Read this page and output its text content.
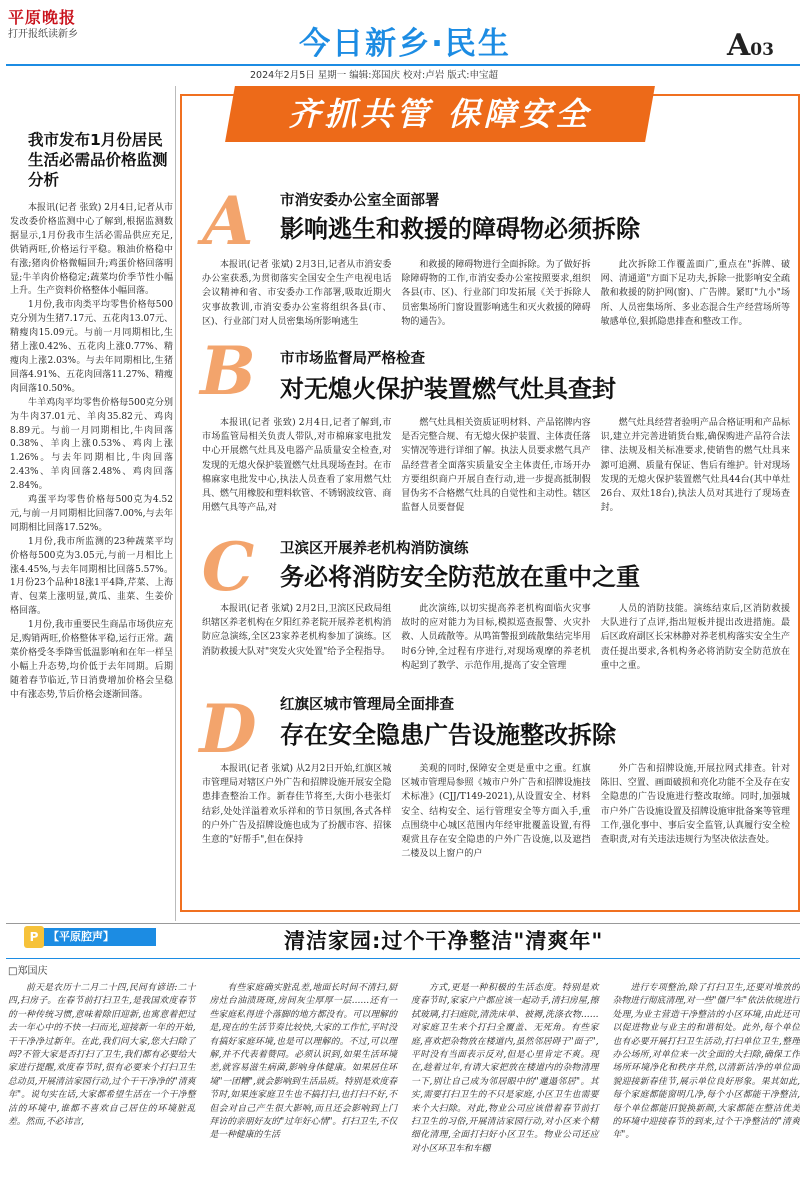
平原晚报
打开报纸读新乡	今日新乡·民生	A03
2024年2月5日 星期一 编辑:郑国庆 校对:卢岩 版式:申宝超
我市发布1月份居民生活必需品价格监测分析

本报讯(记者 张致) 2月4日,记者从市发改委价格监测中心了解到,根据监测数据显示,1月份我市生活必需品供应充足,供销两旺,价格运行平稳。粮油价格稳中有涨;猪肉价格微幅回升;鸡蛋价格回落明显;牛羊肉价格稳定;蔬菜均价季节性小幅上升。生产资料价格整体小幅回落。

1月份,我市肉类平均零售价格每500克分别为生猪7.17元、五花肉13.07元、精瘦肉15.09元。与前一月同期相比,生猪上涨0.42%、五花肉上涨0.77%、精瘦肉上涨2.03%。与去年同期相比,生猪回落4.91%、五花肉回落11.27%、精瘦肉回落10.50%。

牛羊鸡肉平均零售价格每500克分别为牛肉37.01元、羊肉35.82元、鸡肉8.89元。与前一月同期相比,牛肉回落0.38%、羊肉上涨0.53%、鸡肉上涨1.26%。与去年同期相比,牛肉回落2.43%、羊肉回落2.48%、鸡肉回落2.84%。

鸡蛋平均零售价格每500克为4.52元,与前一月同期相比回落7.00%,与去年同期相比回落17.52%。

1月份,我市所监测的23种蔬菜平均价格每500克为3.05元,与前一月相比上涨4.45%,与去年同期相比回落5.57%。1月份23个品种18涨1平4降,芹菜、上海青、包菜上涨明显,黄瓜、韭菜、生姜价格回落。

1月份,我市重要民生商品市场供应充足,购销两旺,价格整体平稳,运行正常。蔬菜价格受冬季降雪低温影响和在年一样呈小幅上升态势,均价低于去年同期。后期随着春节临近,节日消费增加价格会呈稳中有涨态势,节后价格会逐渐回落。

齐抓共管 保障安全
A	市消安委办公室全面部署
影响逃生和救援的障碍物必须拆除

本报讯(记者 张斌) 2月3日,记者从市消安委办公室获悉,为贯彻落实全国安全生产电视电话会议精神和省、市安委办工作部署,吸取近期火灾事故教训,市消安委办公室将组织各县(市、区)、行业部门对人员密集场所影响逃生

和救援的障碍物进行全面拆除。为了做好拆除障碍物的工作,市消安委办公室按照要求,组织各县(市、区)、行业部门印发拓展《关于拆除人员密集场所门窗设置影响逃生和灭火救援的障碍物的通告》。

此次拆除工作覆盖面广,重点在"拆牌、破网、清通道"方面下足功夫,拆除一批影响安全疏散和救援的防护网(窗)、广告牌。紧盯"九小"场所、人员密集场所、多业态混合生产经营场所等敏感单位,狠抓隐患排查和整改工作。

B 市市场监督局严格检查
对无熄火保护装置燃气灶具查封

本报讯(记者 张致) 2月4日,记者了解到,市市场监管局相关负责人带队,对市棉麻家电批发中心开展燃气灶具及电器产品质量安全检查,对发现的无熄火保护装置燃气灶具现场查封。在市棉麻家电批发中心,执法人员查看了家用燃气灶具、燃气用橡胶和塑料软管、不锈钢波纹管、商用燃气具等产品,对

燃气灶具相关资质证明材料、产品铭牌内容是否完整合规、有无熄火保护装置、主体责任落实情况等进行详细了解。执法人员要求燃气具产品经营者全面落实质量安全主体责任,市场开办方要组织商户开展自查行动,进一步提高抵制假冒伪劣不合格燃气灶具的自觉性和主动性。辖区监督人员要督促

燃气灶具经营者验明产品合格证明和产品标识,建立并完善进销货台账,确保购进产品符合法律、法规及相关标准要求,使销售的燃气灶具来源可追溯、质量有保证、售后有维护。针对现场发现的无熄火保护装置燃气灶具44台(其中单灶26台、双灶18台),执法人员对其进行了现场查封。

C 卫滨区开展养老机构消防演练
务必将消防安全防范放在重中之重

本报讯(记者 张斌) 2月2日,卫滨区民政局组织辖区养老机构在夕阳红养老院开展养老机构消防应急演练,全区23家养老机构参加了演练。区消防救援大队对"突发火灾处置"给予全程指导。

此次演练,以切实提高养老机构面临火灾事故时的应对能力为目标,模拟巡查报警、火灾扑救、人员疏散等。从鸣笛警报到疏散集结完毕用时6分钟,全过程有序进行,对现场观摩的养老机构起到了教学、示范作用,提高了安全管理

人员的消防技能。演练结束后,区消防救援大队进行了点评,指出短板并提出改进措施。最后区政府副区长宋林静对养老机构落实安全生产责任提出要求,各机构务必将消防安全防范放在重中之重。

D 红旗区城市管理局全面排查
存在安全隐患广告设施整改拆除

本报讯(记者 张斌) 从2月2日开始,红旗区城市管理局对辖区户外广告和招牌设施开展安全隐患排查整治工作。新春佳节将至,大街小巷张灯结彩,处处洋溢着欢乐祥和的节日氛围,各式各样的户外广告及招牌设施也成为了扮靓市容、招徕生意的"好帮手",但在保持

美观的同时,保障安全更是重中之重。红旗区城市管理局参照《城市户外广告和招牌设施技术标准》(CJJ/T149-2021),从设置安全、材料安全、结构安全、运行管理安全等方面入手,重点围绕中心城区范围内年经审批覆盖设置,有得观赏且存在安全隐患的户外广告设施,以及遮挡二楼及以上窗户的户

外广告和招牌设施,开展拉网式排查。针对陈旧、空置、画面破损和亮化功能不全及存在安全隐患的广告设施进行整改取缔。同时,加强城市户外广告设施设置及招牌设施审批备案等管理工作,强化事中、事后安全监管,认真履行安全检查职责,对有关违法违规行为坚决依法查处。

【平原腔声】
P	清洁家园:过个干净整洁"清爽年"
□郑国庆

前天是农历十二月二十四,民间有谚语:二十四,扫房子。在春节前打扫卫生,是我国欢度春节的一种传统习惯,意味着除旧迎新,也寓意着把过去一年心中的不快一扫而光,迎接新一年的开始,干干净净过新年。在此,我们问大家,您大扫除了吗?不管大家是否打扫了卫生,我们都有必要给大家进行提醒,欢度春节时,很有必要来个打扫卫生总动员,开展清洁家园行动,过个干干净净的"清爽年"。说句实在话,大家都希望生活在一个干净整洁的环境中,谁都不喜欢自己居住的环境脏乱差。然而,不必讳言,

有些家庭确实脏乱差,地面长时间不清扫,厨房灶台油渍斑斑,房间灰尘厚厚一层……还有一些家庭私得进个落脚的地方都没有。可以理解的是,现在的生活节奏比较快,大家的工作忙,平时没有搞好家庭环境,也是可以理解的。不过,可以理解,并不代表着赞同。必须认识到,如果生活环境差,就容易滋生病菌,影响身体健康。如果居住环境"一团糟",就会影响到生活品质。特别是欢度春节时,如果连家庭卫生也不搞打扫,也打扫不好,不但会对自己产生很大影响,而且还会影响到上门拜访的亲朋好友的"过年好心情"。打扫卫生,不仅是一种健康的生活

方式,更是一种积极的生活态度。特别是欢度春节时,家家户户都应该一起动手,清扫房屋,擦拭玻璃,打扫庭院,清洗床单、被褥,洗涤衣物……对家庭卫生来个打扫全覆盖、无死角。有些家庭,喜欢把杂物放在楼道内,虽然邻居碍于"面子",平时没有当面表示反对,但是心里肯定不爽。现在,趁着过年,有请大家把放在楼道内的杂物清理一下,别让自己成为邻居眼中的"邋遢邻居"。其实,需要打扫卫生的不只是家庭,小区卫生也需要来个大扫除。对此,物业公司应该借着春节前打扫卫生的习俗,开展清洁家园行动,对小区来个精细化清理,全面打扫好小区卫生。物业公司还应对小区环卫车和车棚

进行专项整治,除了打扫卫生,还要对堆放的杂物进行彻底清理,对一些"僵尸车"依法依规进行处理,为业主营造干净整洁的小区环境,由此还可以促进物业与业主的和谐相处。此外,每个单位也有必要开展打扫卫生活动,打扫单位卫生,整理办公场所,对单位来一次全面的大扫除,确保工作场所环境净化和秩序井然,以清新洁净的单位面貌迎接新春佳节,展示单位良好形象。果其如此,每个家庭都能窗明几净,每个小区都能干净整洁,每个单位都能旧貌换新颜,大家都能在整洁优美的环境中迎接春节的到来,过个干净整洁的"清爽年"。
